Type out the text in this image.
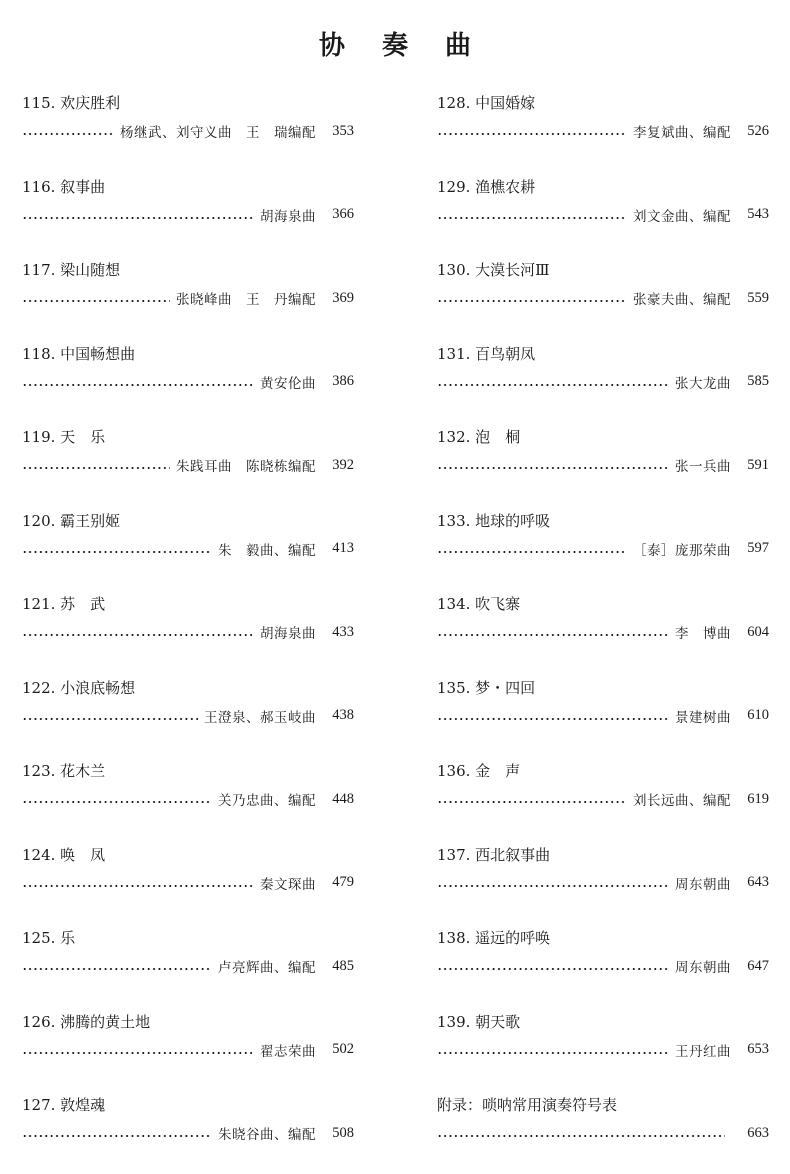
协 奏 曲
115. 欢庆胜利
杨继武、刘守义曲　王　瑞编配	353
116. 叙事曲
胡海泉曲	366
117. 梁山随想
张晓峰曲　王　丹编配	369
118. 中国畅想曲
黄安伦曲	386
119. 天　乐
朱践耳曲　陈晓栋编配	392
120. 霸王别姬
朱　毅曲、编配	413
121. 苏　武
胡海泉曲	433
122. 小浪底畅想
王澄泉、郝玉岐曲	438
123. 花木兰
关乃忠曲、编配	448
124. 唤　凤
秦文琛曲	479
125. 乐
卢亮辉曲、编配	485
126. 沸腾的黄土地
翟志荣曲	502
127. 敦煌魂
朱晓谷曲、编配	508
128. 中国婚嫁
李复斌曲、编配	526
129. 渔樵农耕
刘文金曲、编配	543
130. 大漠长河Ⅲ
张豪夫曲、编配	559
131. 百鸟朝凤
张大龙曲	585
132. 泡　桐
张一兵曲	591
133. 地球的呼吸
［泰］庞那荣曲	597
134. 吹飞寨
李　博曲	604
135. 梦・四回
景建树曲	610
136. 金　声
刘长远曲、编配	619
137. 西北叙事曲
周东朝曲	643
138. 遥远的呼唤
周东朝曲	647
139. 朝天歌
王丹红曲	653
附录：唢呐常用演奏符号表
663
